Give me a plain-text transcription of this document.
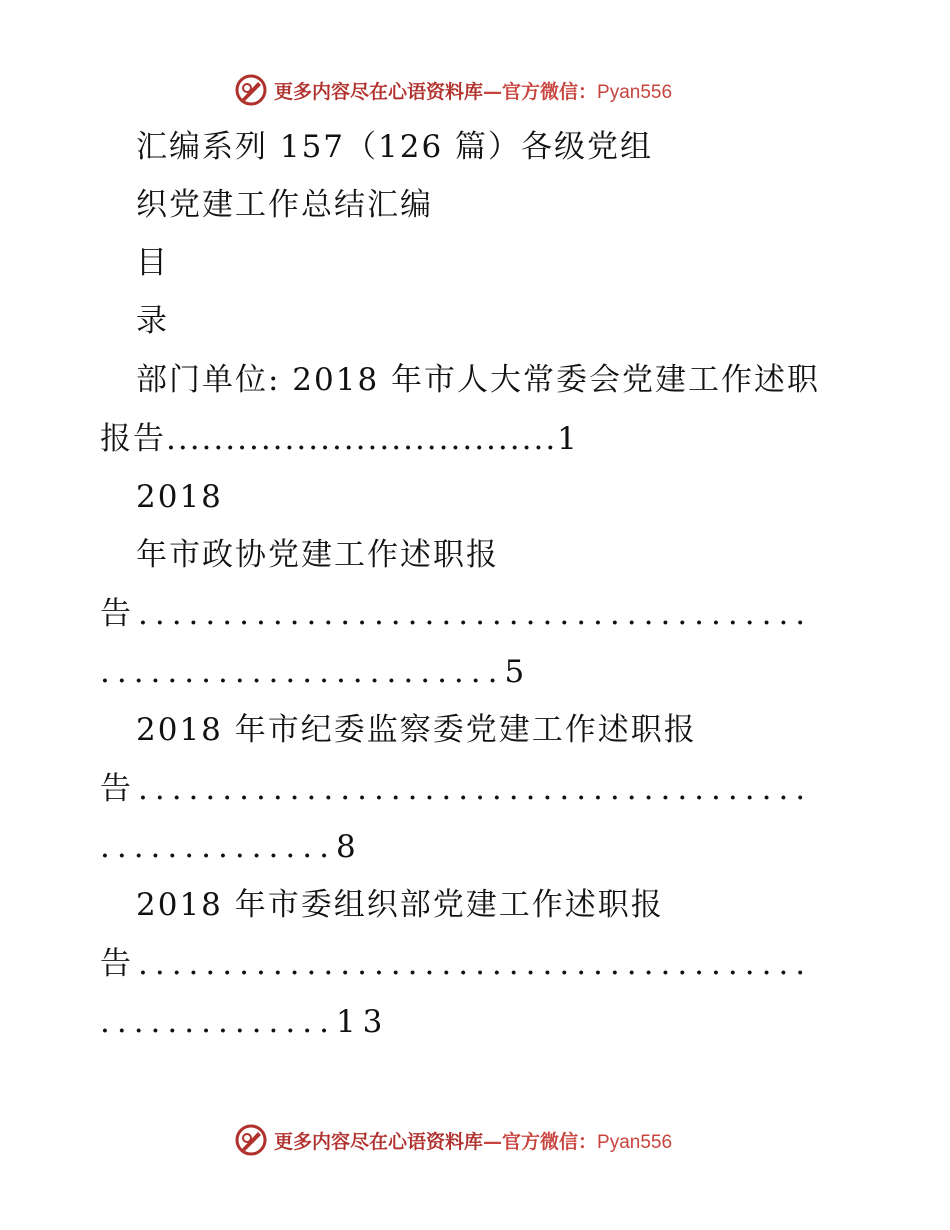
更多内容尽在心语资料库—官方微信：Pyan556
汇编系列 157（126 篇）各级党组
织党建工作总结汇编
目
录
部门单位: 2018 年市人大常委会党建工作述职
报告.................................1
2018
年市政协党建工作述职报
告........................................
........................5
2018 年市纪委监察委党建工作述职报
告........................................
..............8
2018 年市委组织部党建工作述职报
告........................................
..............13
更多内容尽在心语资料库—官方微信：Pyan556
